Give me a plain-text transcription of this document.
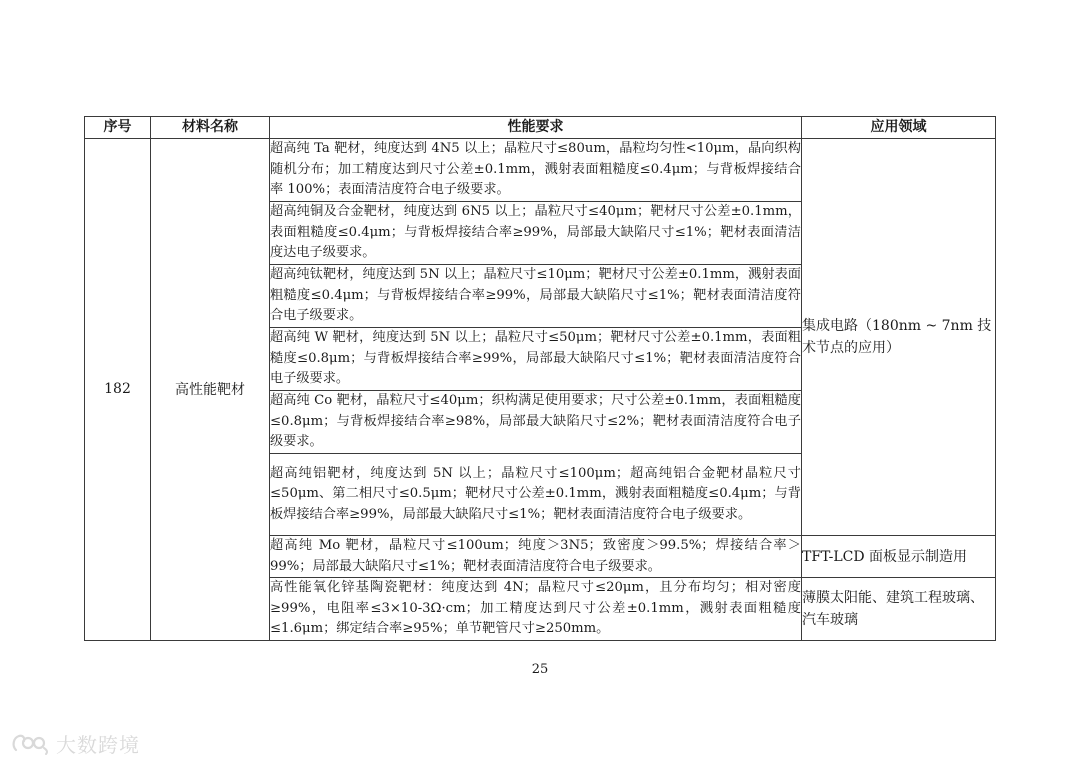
序号	材料名称	性能要求	应用领域
182	高性能靶材	超高纯 Ta 靶材，纯度达到 4N5 以上；晶粒尺寸≤80um，晶粒均匀性<10μm，晶向织构随机分布；加工精度达到尺寸公差±0.1mm，溅射表面粗糙度≤0.4μm；与背板焊接结合率 100%；表面清洁度符合电子级要求。	集成电路（180nm ~ 7nm 技术节点的应用）
		超高纯铜及合金靶材，纯度达到 6N5 以上；晶粒尺寸≤40μm；靶材尺寸公差±0.1mm，表面粗糙度≤0.4μm；与背板焊接结合率≥99%，局部最大缺陷尺寸≤1%；靶材表面清洁度达电子级要求。	
		超高纯钛靶材，纯度达到 5N 以上；晶粒尺寸≤10μm；靶材尺寸公差±0.1mm，溅射表面粗糙度≤0.4μm；与背板焊接结合率≥99%，局部最大缺陷尺寸≤1%；靶材表面清洁度符合电子级要求。	
		超高纯 W 靶材，纯度达到 5N 以上；晶粒尺寸≤50μm；靶材尺寸公差±0.1mm，表面粗糙度≤0.8μm；与背板焊接结合率≥99%，局部最大缺陷尺寸≤1%；靶材表面清洁度符合电子级要求。	
		超高纯 Co 靶材，晶粒尺寸≤40μm；织构满足使用要求；尺寸公差±0.1mm，表面粗糙度≤0.8μm；与背板焊接结合率≥98%，局部最大缺陷尺寸≤2%；靶材表面清洁度符合电子级要求。	
		超高纯铝靶材，纯度达到 5N 以上；晶粒尺寸≤100μm；超高纯铝合金靶材晶粒尺寸≤50μm、第二相尺寸≤0.5μm；靶材尺寸公差±0.1mm，溅射表面粗糙度≤0.4μm；与背板焊接结合率≥99%，局部最大缺陷尺寸≤1%；靶材表面清洁度符合电子级要求。	
		超高纯 Mo 靶材，晶粒尺寸≤100um；纯度＞3N5；致密度＞99.5%；焊接结合率＞99%；局部最大缺陷尺寸≤1%；靶材表面清洁度符合电子级要求。	TFT-LCD 面板显示制造用
		高性能氧化锌基陶瓷靶材：纯度达到 4N；晶粒尺寸≤20μm，且分布均匀；相对密度≥99%，电阻率≤3×10-3Ω·cm；加工精度达到尺寸公差±0.1mm，溅射表面粗糙度≤1.6μm；绑定结合率≥95%；单节靶管尺寸≥250mm。	薄膜太阳能、建筑工程玻璃、汽车玻璃
25
大数跨境
